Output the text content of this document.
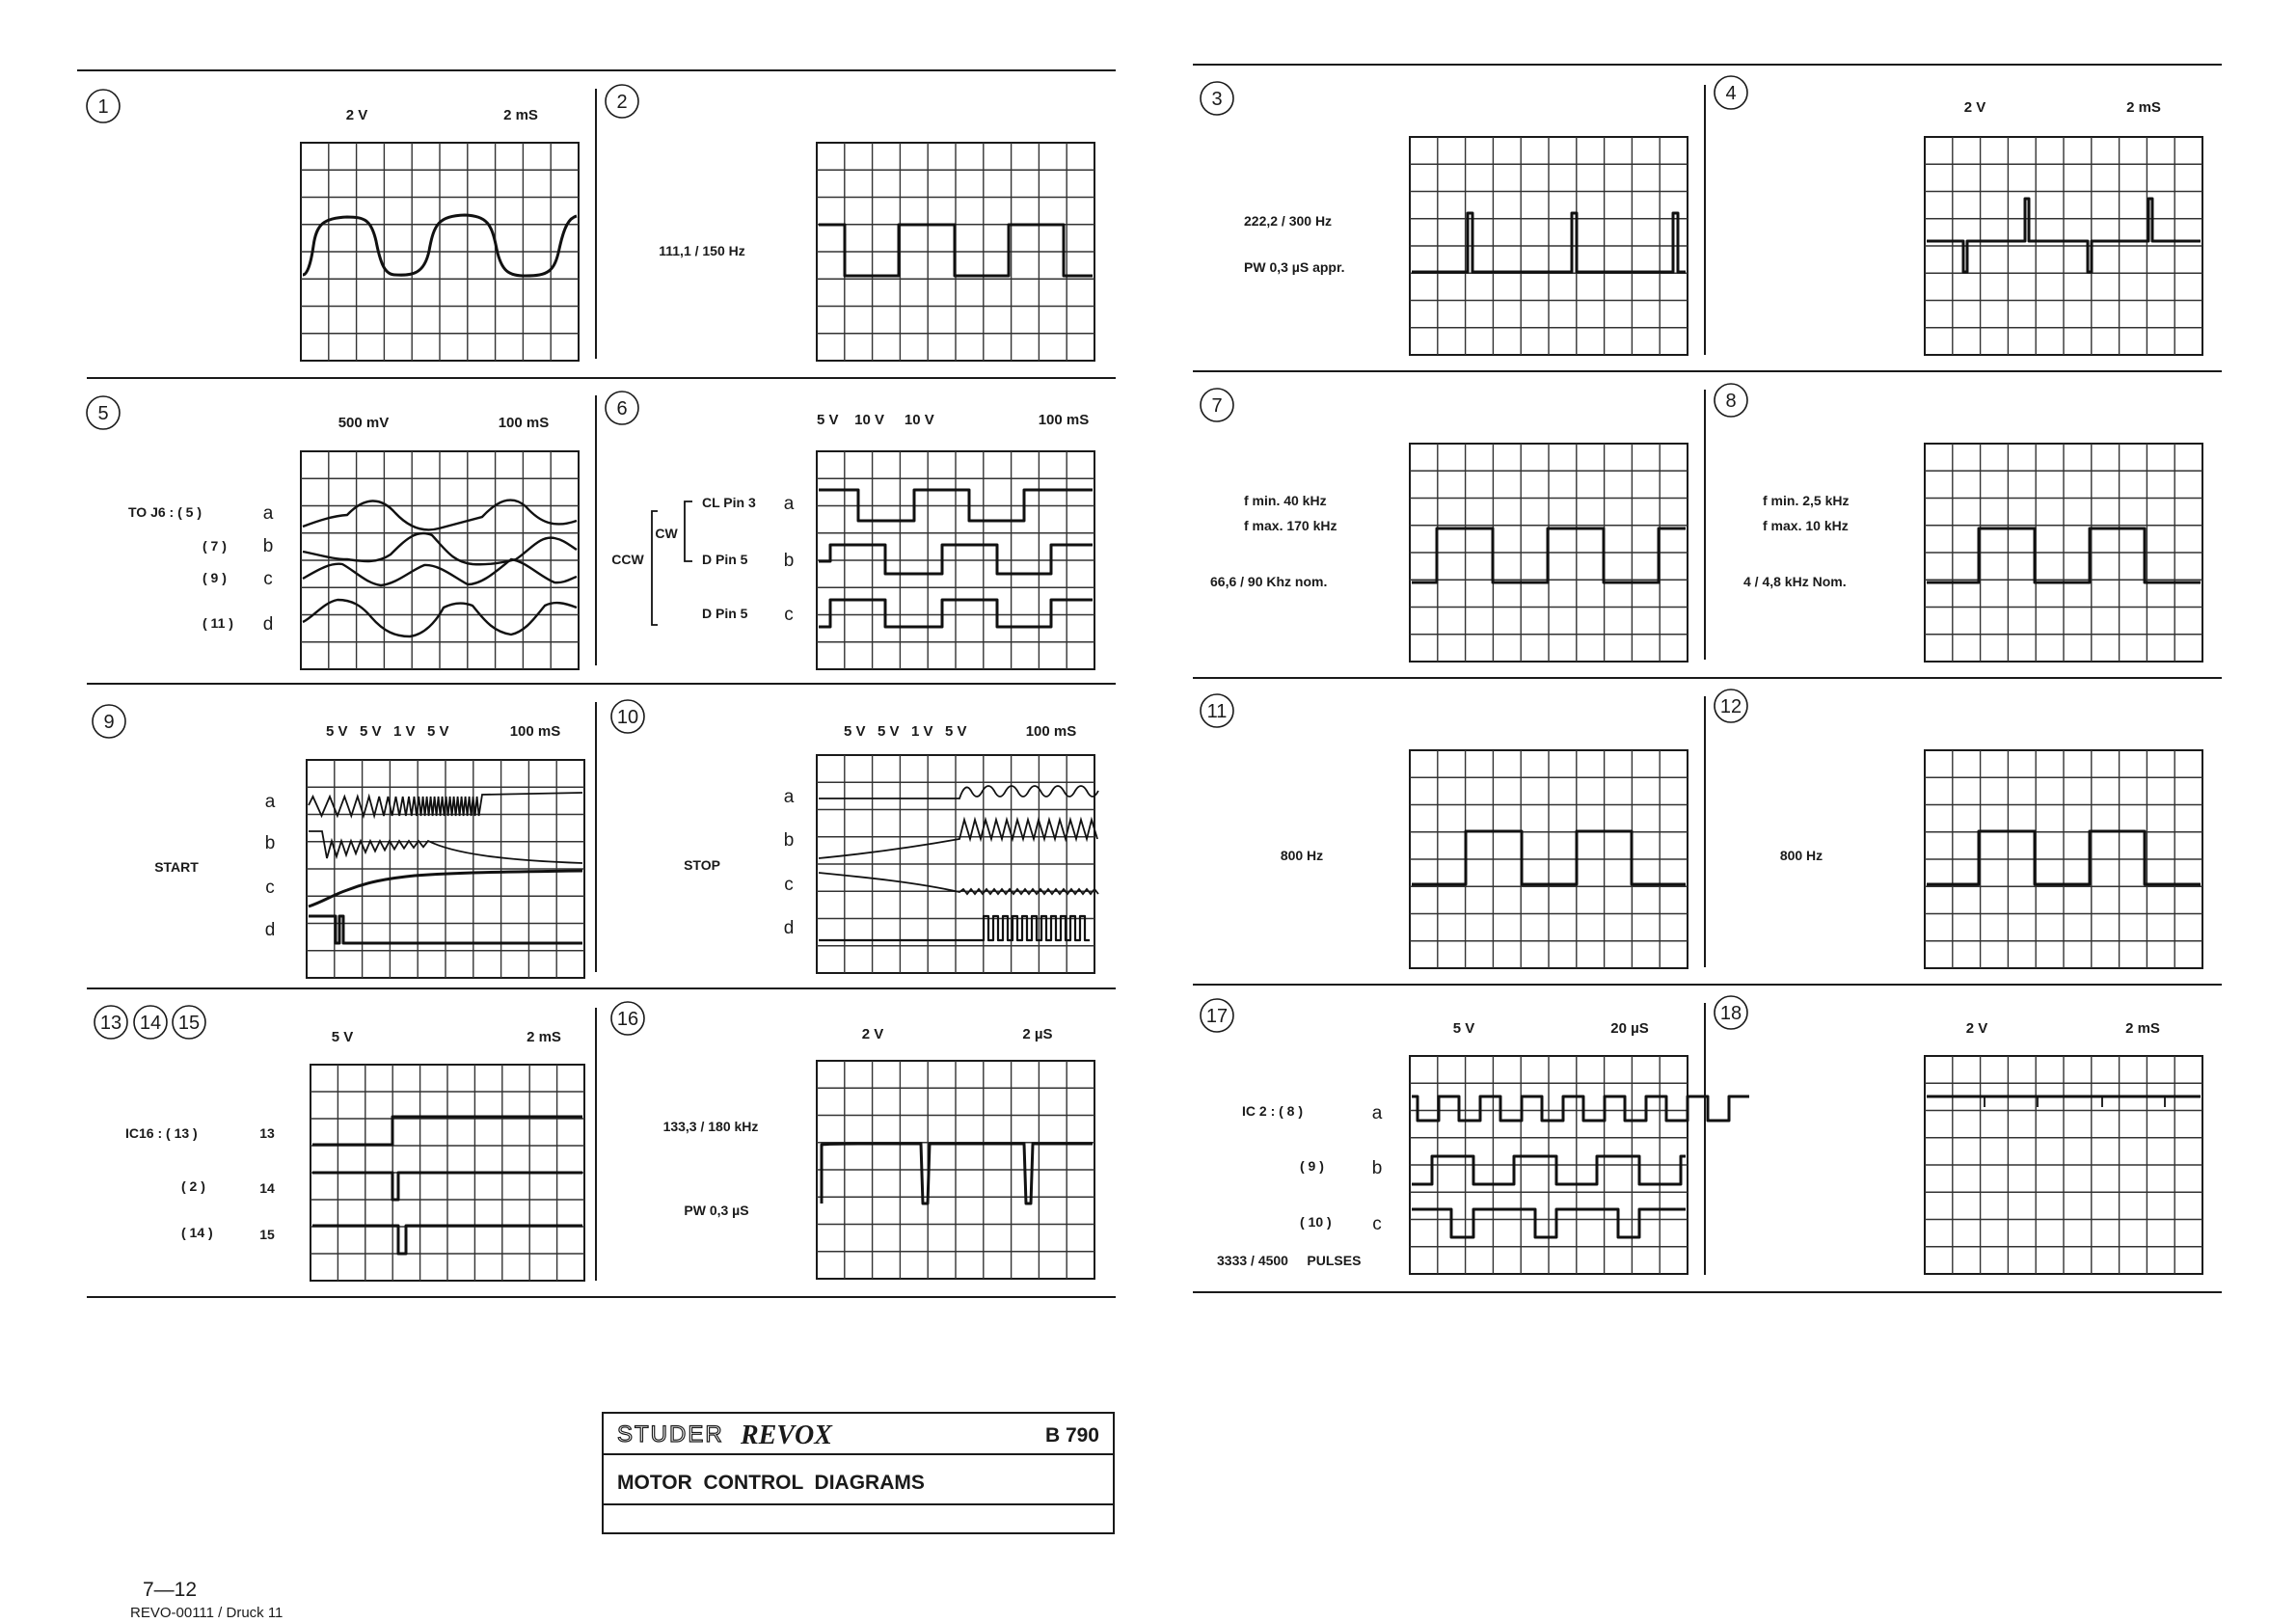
1	2 V	2 mS
2
111,1 / 150 Hz
3
222,2 / 300 Hz
PW 0,3 µS appr.
4
2 V	2 mS
5	500 mV	100 mS
TO J6 : ( 5 )
( 7 )
( 9 )
( 11 )
a
b
c
d
6
5 V    10 V     10 V	100 mS
CL Pin 3
D Pin 5
D Pin 5
CW
CCW
a
b
c
7
f min. 40 kHz
f max. 170 kHz
66,6 / 90 Khz nom.
8
f min. 2,5 kHz
f max. 10 kHz
4 / 4,8 kHz Nom.
9	5 V   5 V   1 V   5 V	100 mS
START
a
b
c
d
10
5 V   5 V   1 V   5 V	100 mS
STOP
a
b
c
d
11
800 Hz
12
800 Hz
13 14 15
5 V	2 mS
IC16 : ( 13 )
( 2 )
( 14 )
13
14
15
16
2 V	2 µS
133,3 / 180 kHz
PW 0,3 µS
17
5 V	20 µS
IC 2 : ( 8 )
( 9 )
( 10 )
3333 / 4500     PULSES
a
b
c
18
2 V	2 mS
STUDER REVOX	B 790
MOTOR  CONTROL  DIAGRAMS
7—12
REVO-00111 / Druck 11
